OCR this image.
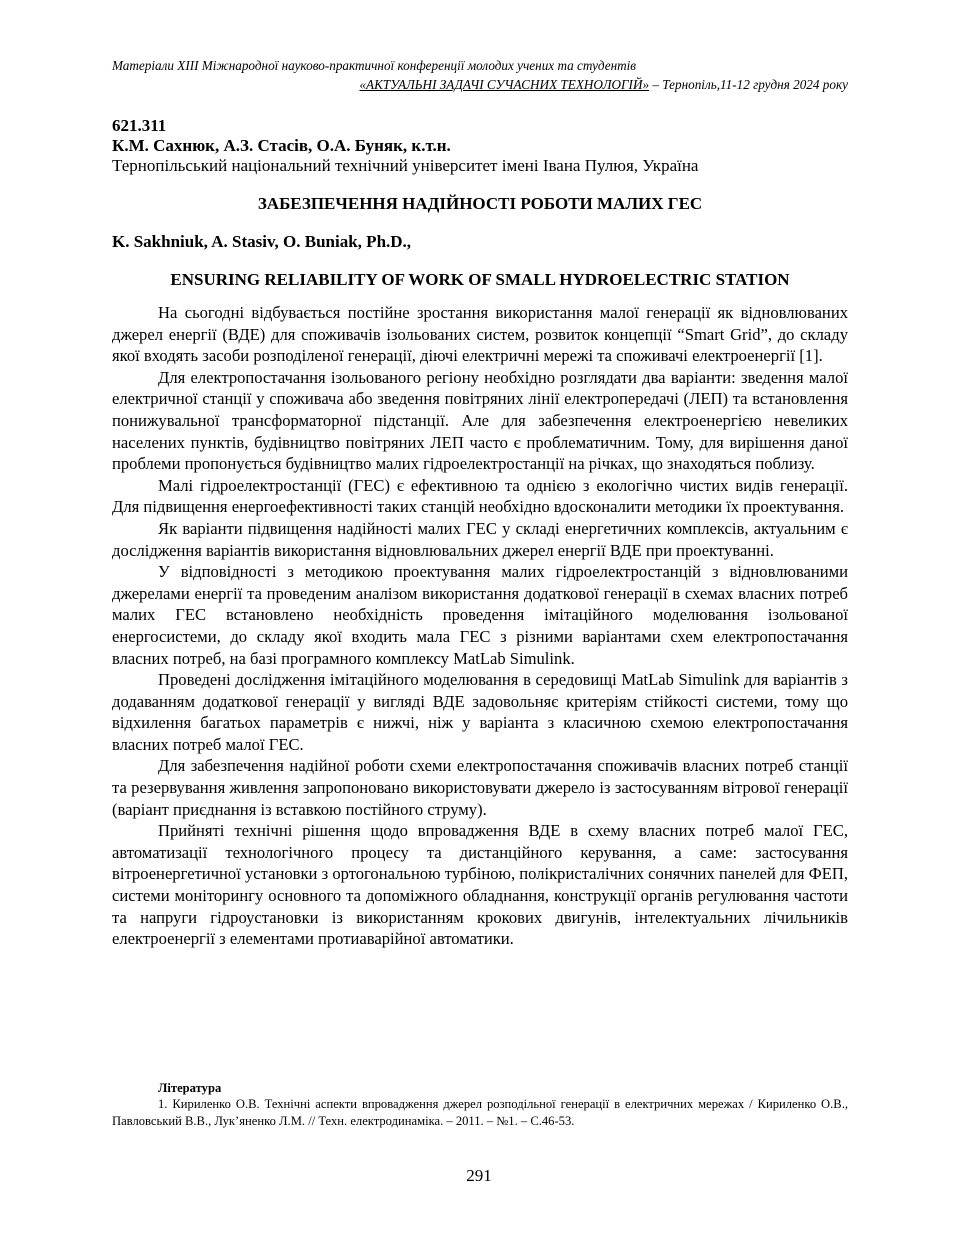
Матеріали XIII Міжнародної науково-практичної конференції молодих учених та студентів
«АКТУАЛЬНІ ЗАДАЧІ СУЧАСНИХ ТЕХНОЛОГІЙ» – Тернопіль,11-12 грудня 2024 року
621.311
К.М. Сахнюк, А.З. Стасів, О.А. Буняк, к.т.н.
Тернопільський національний технічний університет імені Івана Пулюя, Україна
ЗАБЕЗПЕЧЕННЯ НАДІЙНОСТІ РОБОТИ МАЛИХ ГЕС
K. Sakhniuk, A. Stasiv, O. Buniak, Ph.D.,
ENSURING RELIABILITY OF WORK OF SMALL HYDROELECTRIC STATION

На сьогодні відбувається постійне зростання використання малої генерації як відновлюваних джерел енергії (ВДЕ) для споживачів ізольованих систем, розвиток концепції “Smart Grid”, до складу якої входять засоби розподіленої генерації, діючі електричні мережі та споживачі електроенергії [1].

Для електропостачання ізольованого регіону необхідно розглядати два варіанти: зведення малої електричної станції у споживача або зведення повітряних лінії електропередачі (ЛЕП) та встановлення понижувальної трансформаторної підстанції. Але для забезпечення електроенергією невеликих населених пунктів, будівництво повітряних ЛЕП часто є проблематичним. Тому, для вирішення даної проблеми пропонується будівництво малих гідроелектростанції на річках, що знаходяться поблизу.

Малі гідроелектростанції (ГЕС) є ефективною та однією з екологічно чистих видів генерації. Для підвищення енергоефективності таких станцій необхідно вдосконалити методики їх проектування.

Як варіанти підвищення надійності малих ГЕС у складі енергетичних комплексів, актуальним є дослідження варіантів використання відновлювальних джерел енергії ВДЕ при проектуванні.

У відповідності з методикою проектування малих гідроелектростанцій з відновлюваними джерелами енергії та проведеним аналізом використання додаткової генерації в схемах власних потреб малих ГЕС встановлено необхідність проведення імітаційного моделювання ізольованої енергосистеми, до складу якої входить мала ГЕС з різними варіантами схем електропостачання власних потреб, на базі програмного комплексу MatLab Simulink.

Проведені дослідження імітаційного моделювання в середовищі MatLab Simulink для варіантів з додаванням додаткової генерації у вигляді ВДЕ задовольняє критеріям стійкості системи, тому що відхилення багатьох параметрів є нижчі, ніж у варіанта з класичною схемою електропостачання власних потреб малої ГЕС.

Для забезпечення надійної роботи схеми електропостачання споживачів власних потреб станції та резервування живлення запропоновано використовувати джерело із застосуванням вітрової генерації (варіант приєднання із вставкою постійного струму).

Прийняті технічні рішення щодо впровадження ВДЕ в схему власних потреб малої ГЕС, автоматизації технологічного процесу та дистанційного керування, а саме: застосування вітроенергетичної установки з ортогональною турбіною, полікристалічних сонячних панелей для ФЕП, системи моніторингу основного та допоміжного обладнання, конструкції органів регулювання частоти та напруги гідроустановки із використанням крокових двигунів, інтелектуальних лічильників електроенергії з елементами протиаварійної автоматики.

Література
1. Кириленко О.В. Технічні аспекти впровадження джерел розподільної генерації в електричних мережах / Кириленко О.В., Павловський В.В., Лук’яненко Л.М. // Техн. електродинаміка. – 2011. – №1. – С.46-53.
291
